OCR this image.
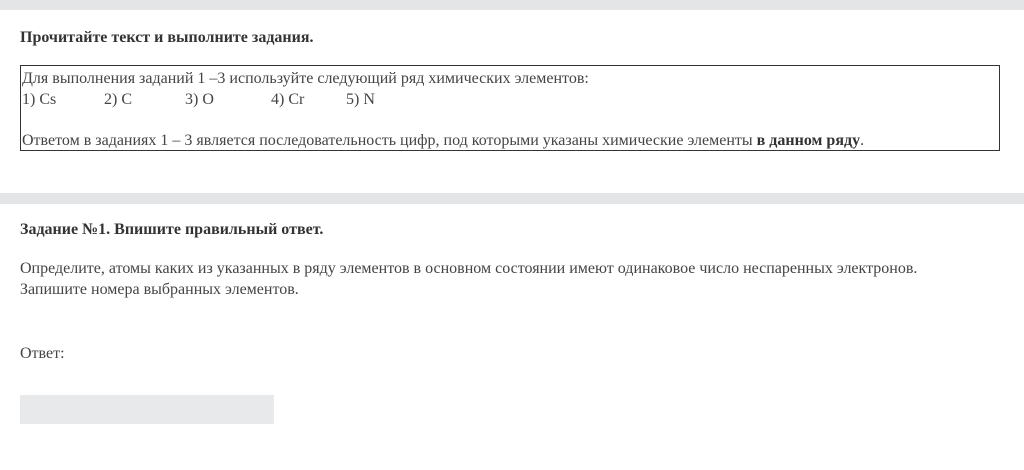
Прочитайте текст и выполните задания.
Для выполнения заданий 1 –3 используйте следующий ряд химических элементов:
1) Cs	2) C	3) O	4) Cr	5) N
Ответом в заданиях 1 – 3 является последовательность цифр, под которыми указаны химические элементы в данном ряду.
Задание №1. Впишите правильный ответ.
Определите, атомы каких из указанных в ряду элементов в основном состоянии имеют одинаковое число неспаренных электронов.
Запишите номера выбранных элементов.
Ответ:
